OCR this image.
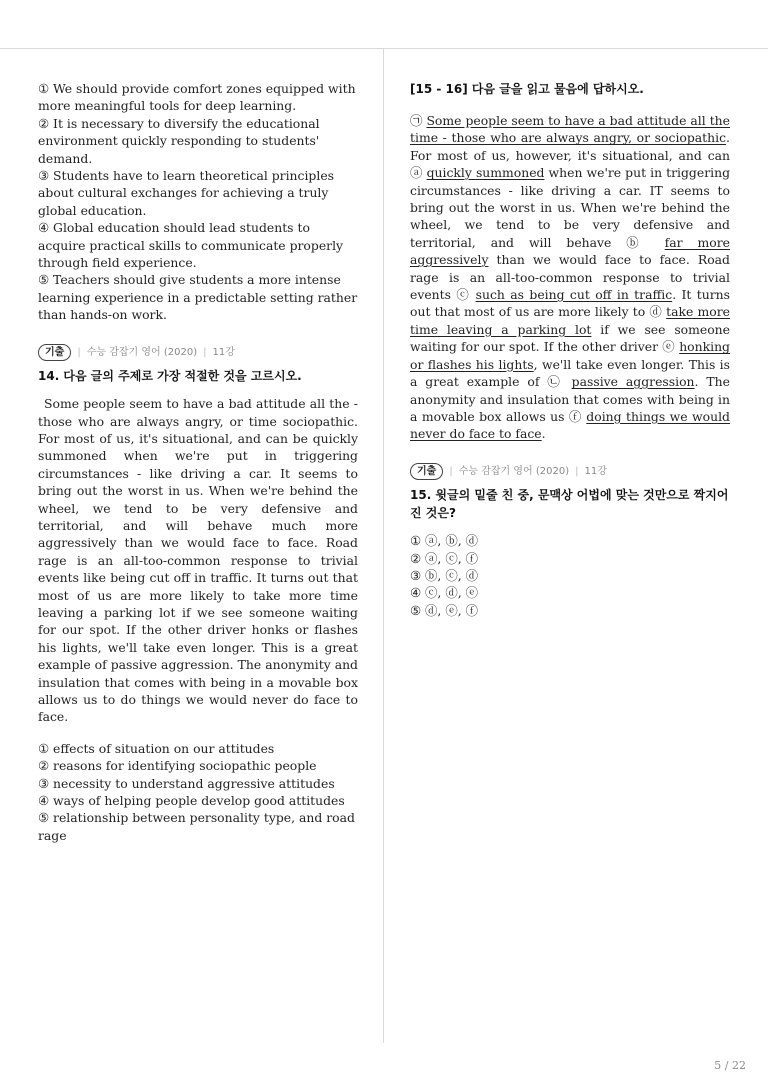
① We should provide comfort zones equipped with more meaningful tools for deep learning.
② It is necessary to diversify the educational environment quickly responding to students' demand.
③ Students have to learn theoretical principles about cultural exchanges for achieving a truly global education.
④ Global education should lead students to acquire practical skills to communicate properly through field experience.
⑤ Teachers should give students a more intense learning experience in a predictable setting rather than hands-on work.
기출	| 수능 감잡기 영어 (2020) | 11강
14. 다음 글의 주제로 가장 적절한 것을 고르시오.

Some people seem to have a bad attitude all the - those who are always angry, or time sociopathic. For most of us, it's situational, and can be quickly summoned when we're put in triggering circumstances - like driving a car. It seems to bring out the worst in us. When we're behind the wheel, we tend to be very defensive and territorial, and will behave much more aggressively than we would face to face. Road rage is an all-too-common response to trivial events like being cut off in traffic. It turns out that most of us are more likely to take more time leaving a parking lot if we see someone waiting for our spot. If the other driver honks or flashes his lights, we'll take even longer. This is a great example of passive aggression. The anonymity and insulation that comes with being in a movable box allows us to do things we would never do face to face.

① effects of situation on our attitudes
② reasons for identifying sociopathic people
③ necessity to understand aggressive attitudes
④ ways of helping people develop good attitudes
⑤ relationship between personality type, and road rage
[15 - 16] 다음 글을 읽고 물음에 답하시오.

㉠ Some people seem to have a bad attitude all the time - those who are always angry, or sociopathic. For most of us, however, it's situational, and can ⓐ quickly summoned when we're put in triggering circumstances - like driving a car. IT seems to bring out the worst in us. When we're behind the wheel, we tend to be very defensive and territorial, and will behave ⓑ far more aggressively than we would face to face. Road rage is an all-too-common response to trivial events ⓒ such as being cut off in traffic. It turns out that most of us are more likely to ⓓ take more time leaving a parking lot if we see someone waiting for our spot. If the other driver ⓔ honking or flashes his lights, we'll take even longer. This is a great example of ㉡ passive aggression. The anonymity and insulation that comes with being in a movable box allows us ⓕ doing things we would never do face to face.

기출	| 수능 감잡기 영어 (2020) | 11강
15. 윗글의 밑줄 친 중, 문맥상 어법에 맞는 것만으로 짝지어진 것은?
① ⓐ, ⓑ, ⓓ
② ⓐ, ⓒ, ⓕ
③ ⓑ, ⓒ, ⓓ
④ ⓒ, ⓓ, ⓔ
⑤ ⓓ, ⓔ, ⓕ
5 / 22
